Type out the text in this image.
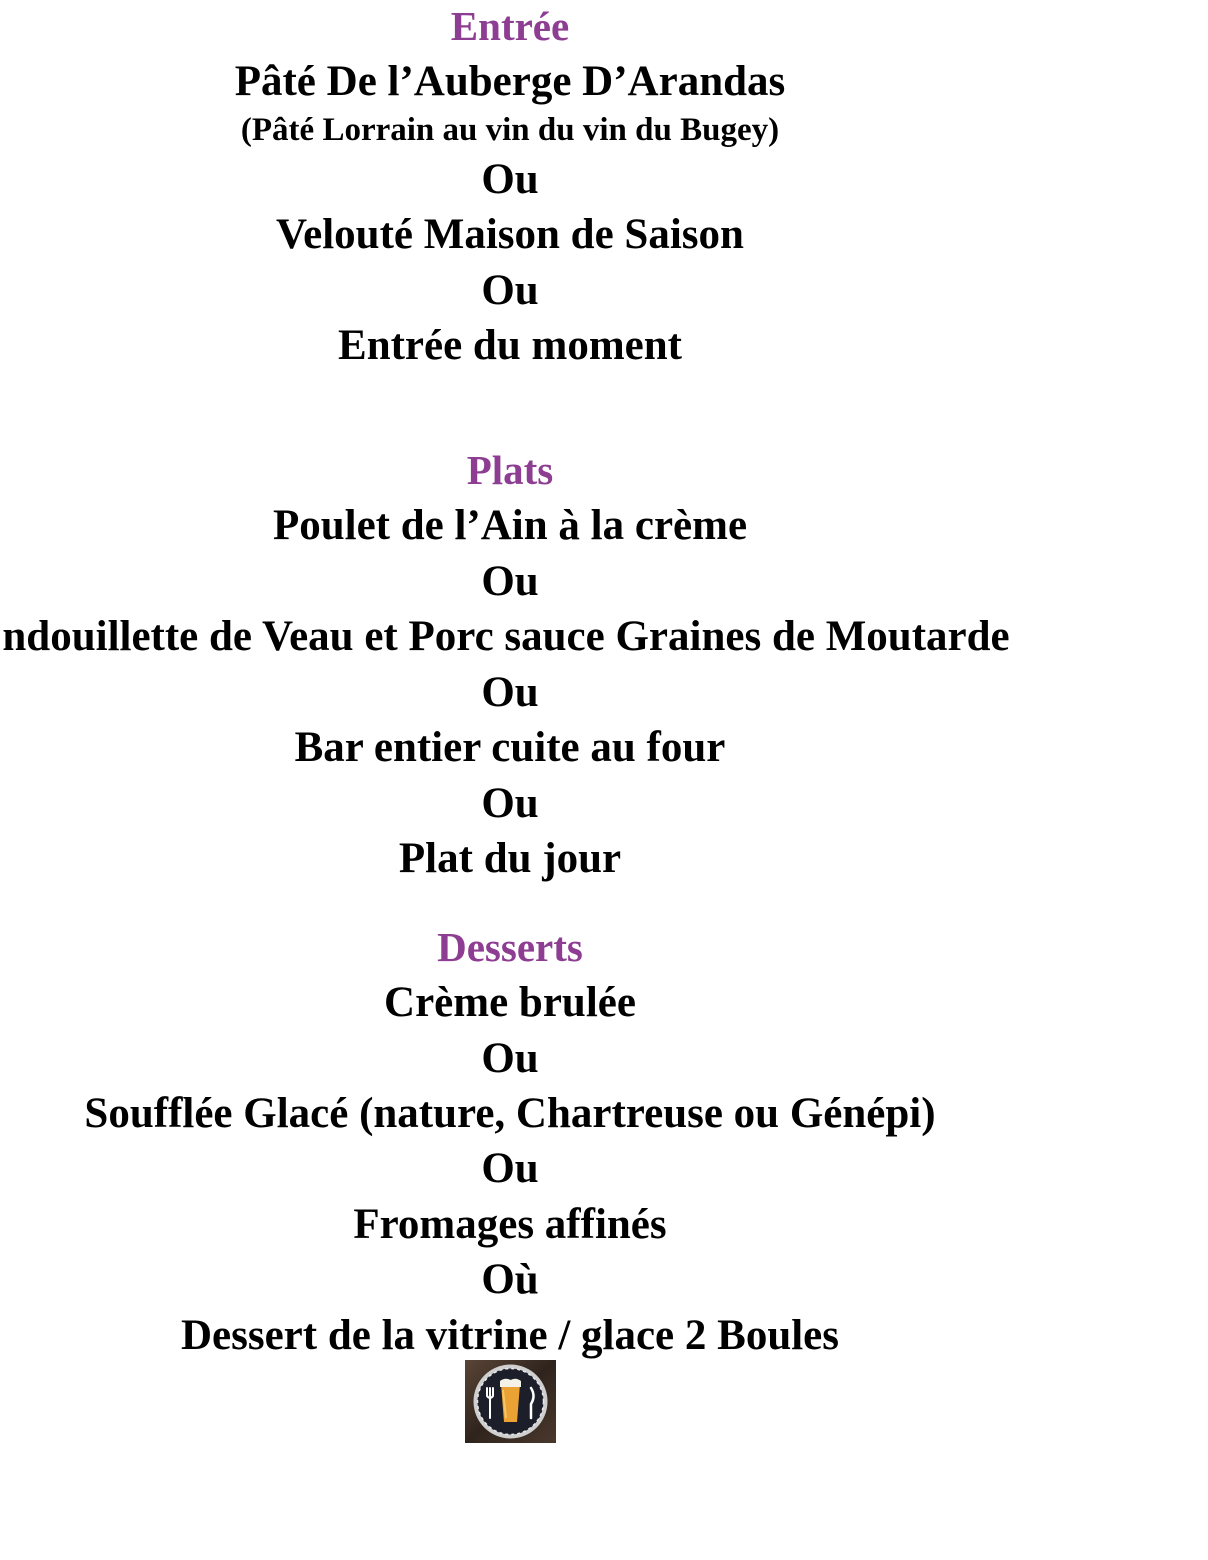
Entrée
Pâté De l’Auberge D’Arandas
(Pâté Lorrain au vin du vin du Bugey)
Ou
Velouté Maison de Saison
Ou
Entrée du moment
Plats
Poulet de l’Ain à la crème
Ou
ndouillette de Veau et Porc sauce Graines de Moutarde
Ou
Bar entier cuite au four
Ou
Plat du jour
Desserts
Crème brulée
Ou
Soufflée Glacé (nature, Chartreuse ou Génépi)
Ou
Fromages affinés
Où
Dessert de la vitrine / glace 2 Boules
